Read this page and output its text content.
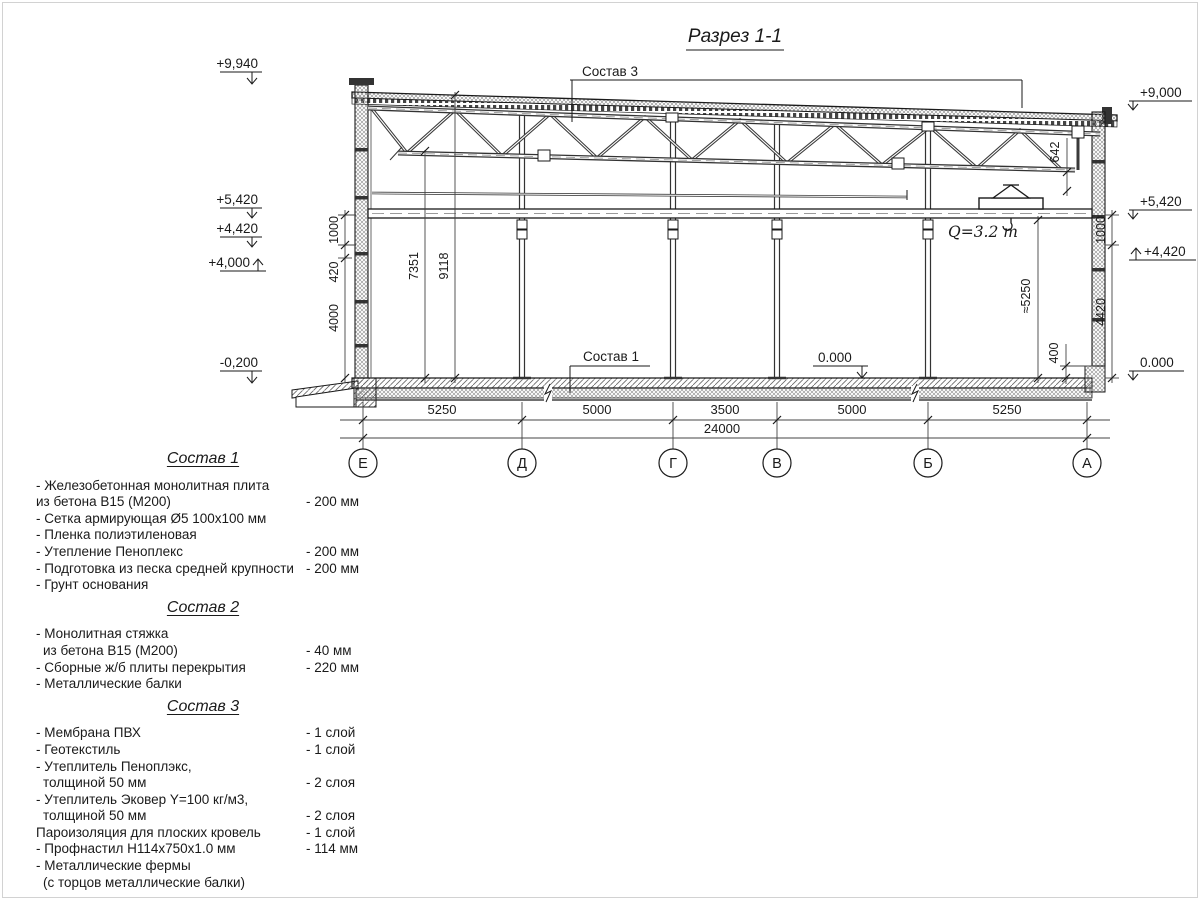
Разрез 1-1
Q=3.2 т
Состав 3
Состав 1
+9,940
+5,420
+4,420
+4,000
-0,200
+9,000
+5,420
+4,420
0.000
0.000
1000
420
4000
7351 9118
642
≈5250
400
1000
4420
5250	5000	3500	5000	5250
24000
Е	Д	Г	В	Б	А
Состав 1
- Железобетонная монолитная плита
из бетона В15 (М200)	- 200 мм
- Сетка армирующая Ø5 100х100 мм
- Пленка полиэтиленовая
- Утепление Пеноплекс	- 200 мм
- Подготовка из песка средней крупности - 200 мм
- Грунт основания
Состав 2
- Монолитная стяжка
из бетона В15 (М200)	- 40 мм
- Сборные ж/б плиты перекрытия	- 220 мм
- Металлические балки
Состав 3
- Мембрана ПВХ	- 1 слой
- Геотекстиль	- 1 слой
- Утеплитель Пеноплэкс,
толщиной 50 мм	- 2 слоя
- Утеплитель Эковер Y=100 кг/м3,
толщиной 50 мм	- 2 слоя
Пароизоляция для плоских кровель	- 1 слой
- Профнастил Н114х750х1.0 мм	- 114 мм
- Металлические фермы
(с торцов металлические балки)
